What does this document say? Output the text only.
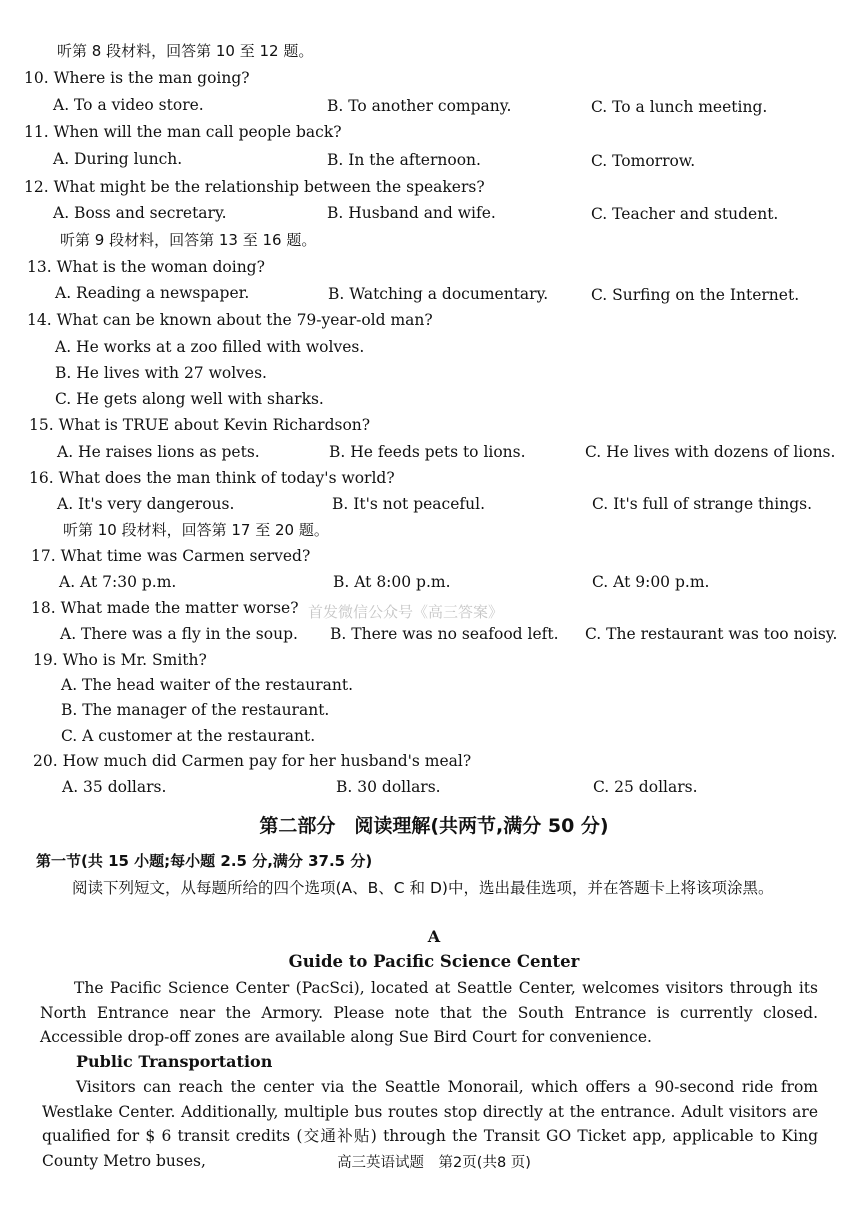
听第 8 段材料，回答第 10 至 12 题。
10. Where is the man going?
A. To a video store.	B. To another company.	C. To a lunch meeting.
11. When will the man call people back?
A. During lunch.	B. In the afternoon.	C. Tomorrow.
12. What might be the relationship between the speakers?
A. Boss and secretary.	B. Husband and wife.	C. Teacher and student.
听第 9 段材料，回答第 13 至 16 题。
13. What is the woman doing?
A. Reading a newspaper.	B. Watching a documentary.	C. Surfing on the Internet.
14. What can be known about the 79-year-old man?
A. He works at a zoo filled with wolves.
B. He lives with 27 wolves.
C. He gets along well with sharks.
15. What is TRUE about Kevin Richardson?
A. He raises lions as pets.	B. He feeds pets to lions.	C. He lives with dozens of lions.
16. What does the man think of today's world?
A. It's very dangerous.	B. It's not peaceful.	C. It's full of strange things.
听第 10 段材料，回答第 17 至 20 题。
17. What time was Carmen served?
A. At 7:30 p.m.	B. At 8:00 p.m.	C. At 9:00 p.m.
18. What made the matter worse? 首发微信公众号《高三答案》
A. There was a fly in the soup. B. There was no seafood left. C. The restaurant was too noisy.
19. Who is Mr. Smith?
A. The head waiter of the restaurant.
B. The manager of the restaurant.
C. A customer at the restaurant.
20. How much did Carmen pay for her husband's meal?
A. 35 dollars.	B. 30 dollars.	C. 25 dollars.
第二部分　阅读理解(共两节,满分 50 分)
第一节(共 15 小题;每小题 2.5 分,满分 37.5 分)
阅读下列短文，从每题所给的四个选项(A、B、C 和 D)中，选出最佳选项，并在答题卡上将该项涂黑。
A
Guide to Pacific Science Center
The Pacific Science Center (PacSci), located at Seattle Center, welcomes visitors through its North Entrance near the Armory. Please note that the South Entrance is currently closed. Accessible drop-off zones are available along Sue Bird Court for convenience.
Public Transportation
Visitors can reach the center via the Seattle Monorail, which offers a 90-second ride from Westlake Center. Additionally, multiple bus routes stop directly at the entrance. Adult visitors are qualified for $ 6 transit credits (交通补贴) through the Transit GO Ticket app, applicable to King County Metro buses,	高三英语试题　第2页(共8 页)
